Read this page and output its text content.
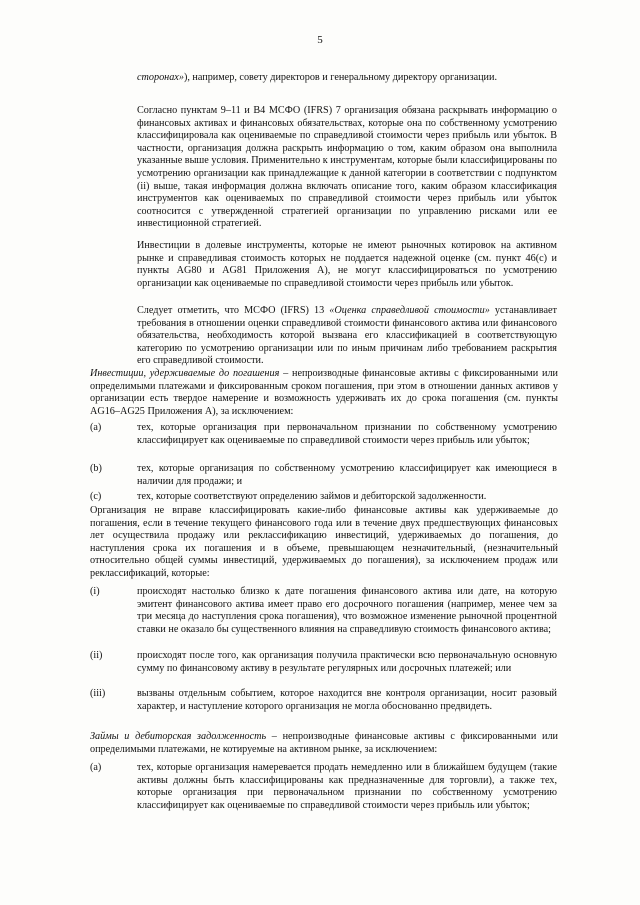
5

сторонах»), например, совету директоров и генеральному директору организации.

Согласно пунктам 9–11 и В4 МСФО (IFRS) 7 организация обязана раскрывать информацию о финансовых активах и финансовых обязательствах, которые она по собственному усмотрению классифицировала как оцениваемые по справедливой стоимости через прибыль или убыток. В частности, организация должна раскрыть информацию о том, каким образом она выполнила указанные выше условия. Применительно к инструментам, которые были классифицированы по усмотрению организации как принадлежащие к данной категории в соответствии с подпунктом (ii) выше, такая информация должна включать описание того, каким образом классификация инструментов как оцениваемых по справедливой стоимости через прибыль или убыток соотносится с утвержденной стратегией организации по управлению рисками или ее инвестиционной стратегией.

Инвестиции в долевые инструменты, которые не имеют рыночных котировок на активном рынке и справедливая стоимость которых не поддается надежной оценке (см. пункт 46(c) и пункты AG80 и AG81 Приложения А), не могут классифицироваться по усмотрению организации как оцениваемые по справедливой стоимости через прибыль или убыток.

Следует отметить, что МСФО (IFRS) 13 «Оценка справедливой стоимости» устанавливает требования в отношении оценки справедливой стоимости финансового актива или финансового обязательства, необходимость которой вызвана его классификацией в соответствующую категорию по усмотрению организации или по иным причинам либо требованием раскрытия его справедливой стоимости.

Инвестиции, удерживаемые до погашения – непроизводные финансовые активы с фиксированными или определимыми платежами и фиксированным сроком погашения, при этом в отношении данных активов у организации есть твердое намерение и возможность удерживать их до срока погашения (см. пункты AG16–AG25 Приложения А), за исключением:

(a)	тех, которые организация при первоначальном признании по собственному усмотрению классифицирует как оцениваемые по справедливой стоимости через прибыль или убыток;

(b)	тех, которые организация по собственному усмотрению классифицирует как имеющиеся в наличии для продажи; и

(c)	тех, которые соответствуют определению займов и дебиторской задолженности.

Организация не вправе классифицировать какие-либо финансовые активы как удерживаемые до погашения, если в течение текущего финансового года или в течение двух предшествующих финансовых лет осуществила продажу или реклассификацию инвестиций, удерживаемых до погашения, до наступления срока их погашения и в объеме, превышающем незначительный, (незначительный относительно общей суммы инвестиций, удерживаемых до погашения), за исключением продаж или реклассификаций, которые:

(i)	происходят настолько близко к дате погашения финансового актива или дате, на которую эмитент финансового актива имеет право его досрочного погашения (например, менее чем за три месяца до наступления срока погашения), что возможное изменение рыночной процентной ставки не оказало бы существенного влияния на справедливую стоимость финансового актива;

(ii)	происходят после того, как организация получила практически всю первоначальную основную сумму по финансовому активу в результате регулярных или досрочных платежей; или

(iii)	вызваны отдельным событием, которое находится вне контроля организации, носит разовый характер, и наступление которого организация не могла обоснованно предвидеть.

Займы и дебиторская задолженность – непроизводные финансовые активы с фиксированными или определимыми платежами, не котируемые на активном рынке, за исключением:

(a)	тех, которые организация намеревается продать немедленно или в ближайшем будущем (такие активы должны быть классифицированы как предназначенные для торговли), а также тех, которые организация при первоначальном признании по собственному усмотрению классифицирует как оцениваемые по справедливой стоимости через прибыль или убыток;
